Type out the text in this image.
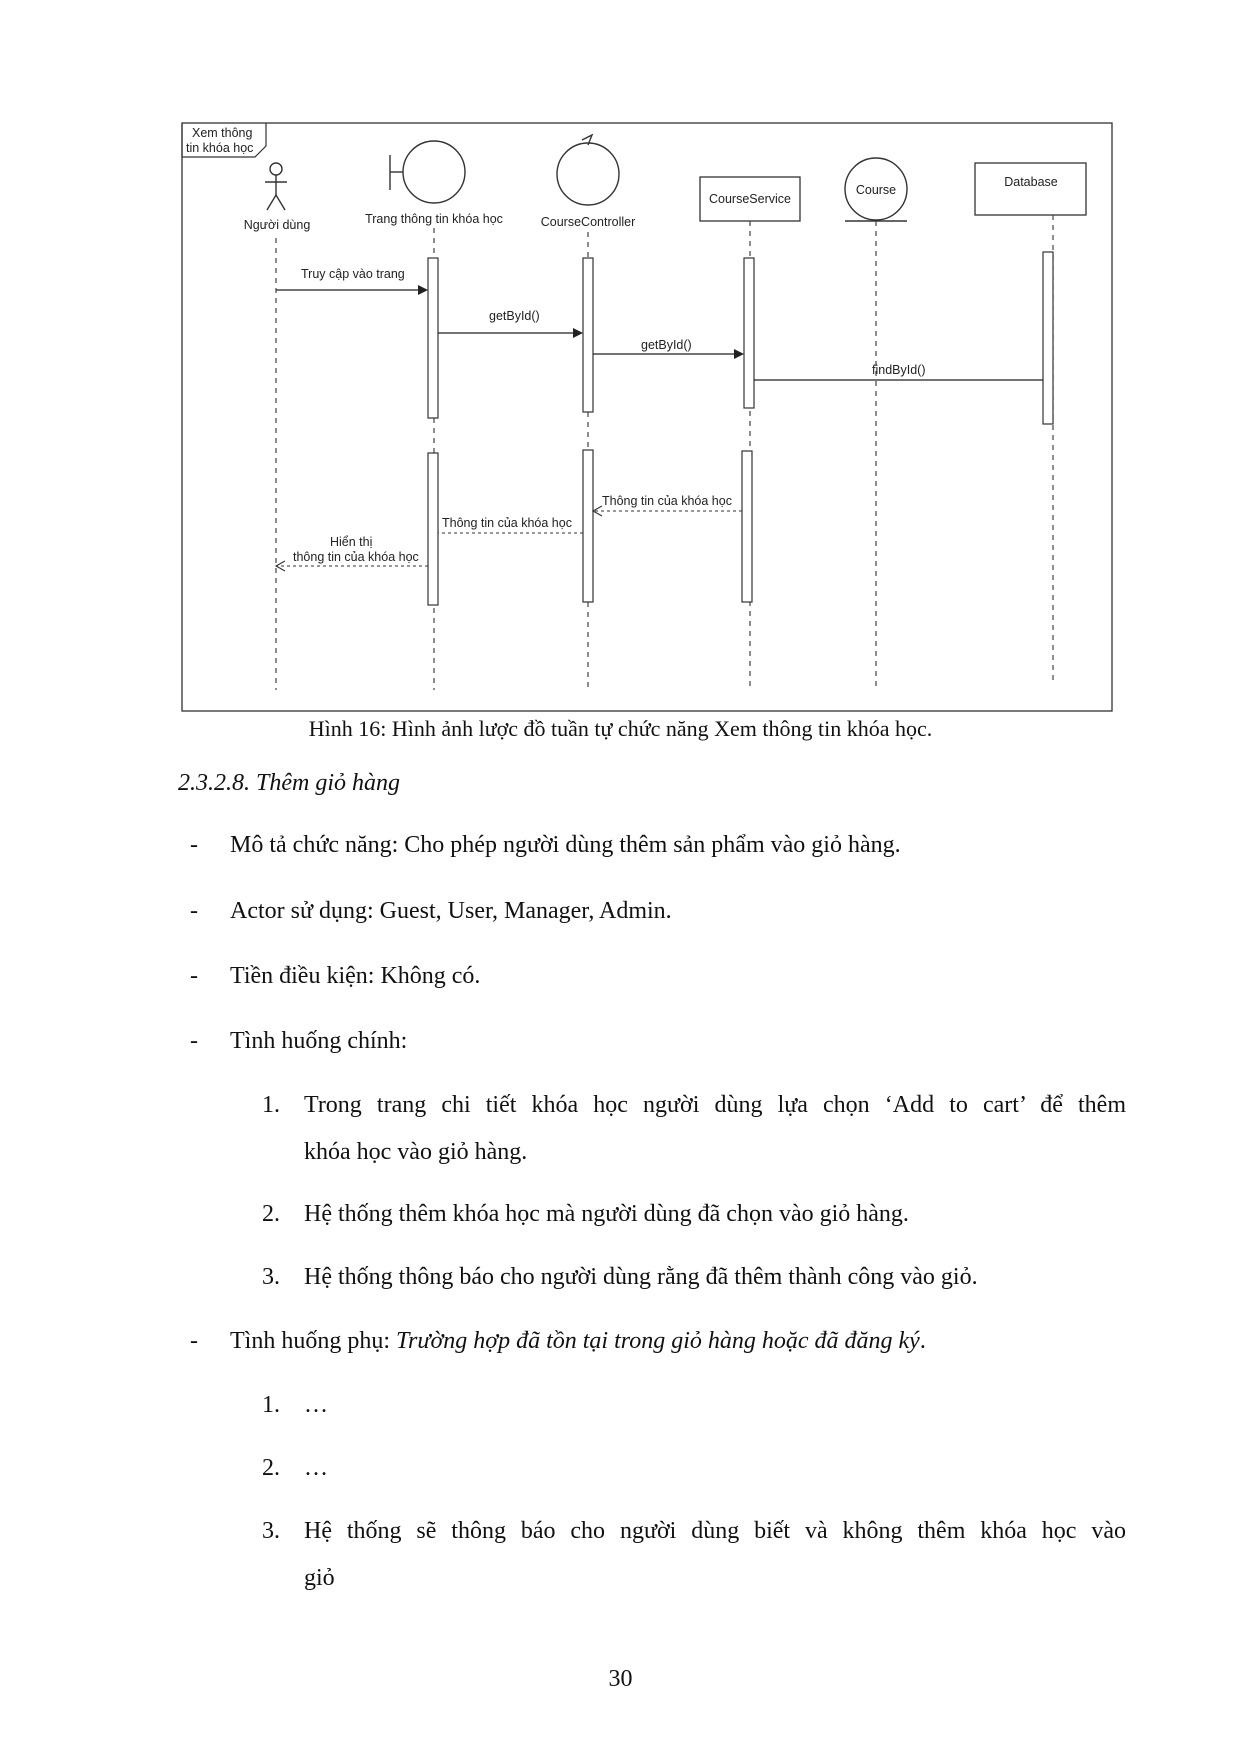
Xem thông
tin khóa học
Người dùng	Trang thông tin khóa học	CourseController
CourseService
Course
Database
Truy cập vào trang
getById()
getById()
findById()
Thông tin của khóa học
Thông tin của khóa học
Hiển thị
thông tin của khóa học
Hình 16: Hình ảnh lược đồ tuần tự chức năng Xem thông tin khóa học.
2.3.2.8. Thêm giỏ hàng
- Mô tả chức năng: Cho phép người dùng thêm sản phẩm vào giỏ hàng.
- Actor sử dụng: Guest, User, Manager, Admin.
- Tiền điều kiện: Không có.
- Tình huống chính:
1. Trong trang chi tiết khóa học người dùng lựa chọn ‘Add to cart’ để thêm
khóa học vào giỏ hàng.
2. Hệ thống thêm khóa học mà người dùng đã chọn vào giỏ hàng.
3. Hệ thống thông báo cho người dùng rằng đã thêm thành công vào giỏ.
- Tình huống phụ: Trường hợp đã tồn tại trong giỏ hàng hoặc đã đăng ký.
1. …
2. …
3. Hệ thống sẽ thông báo cho người dùng biết và không thêm khóa học vào
giỏ
30
